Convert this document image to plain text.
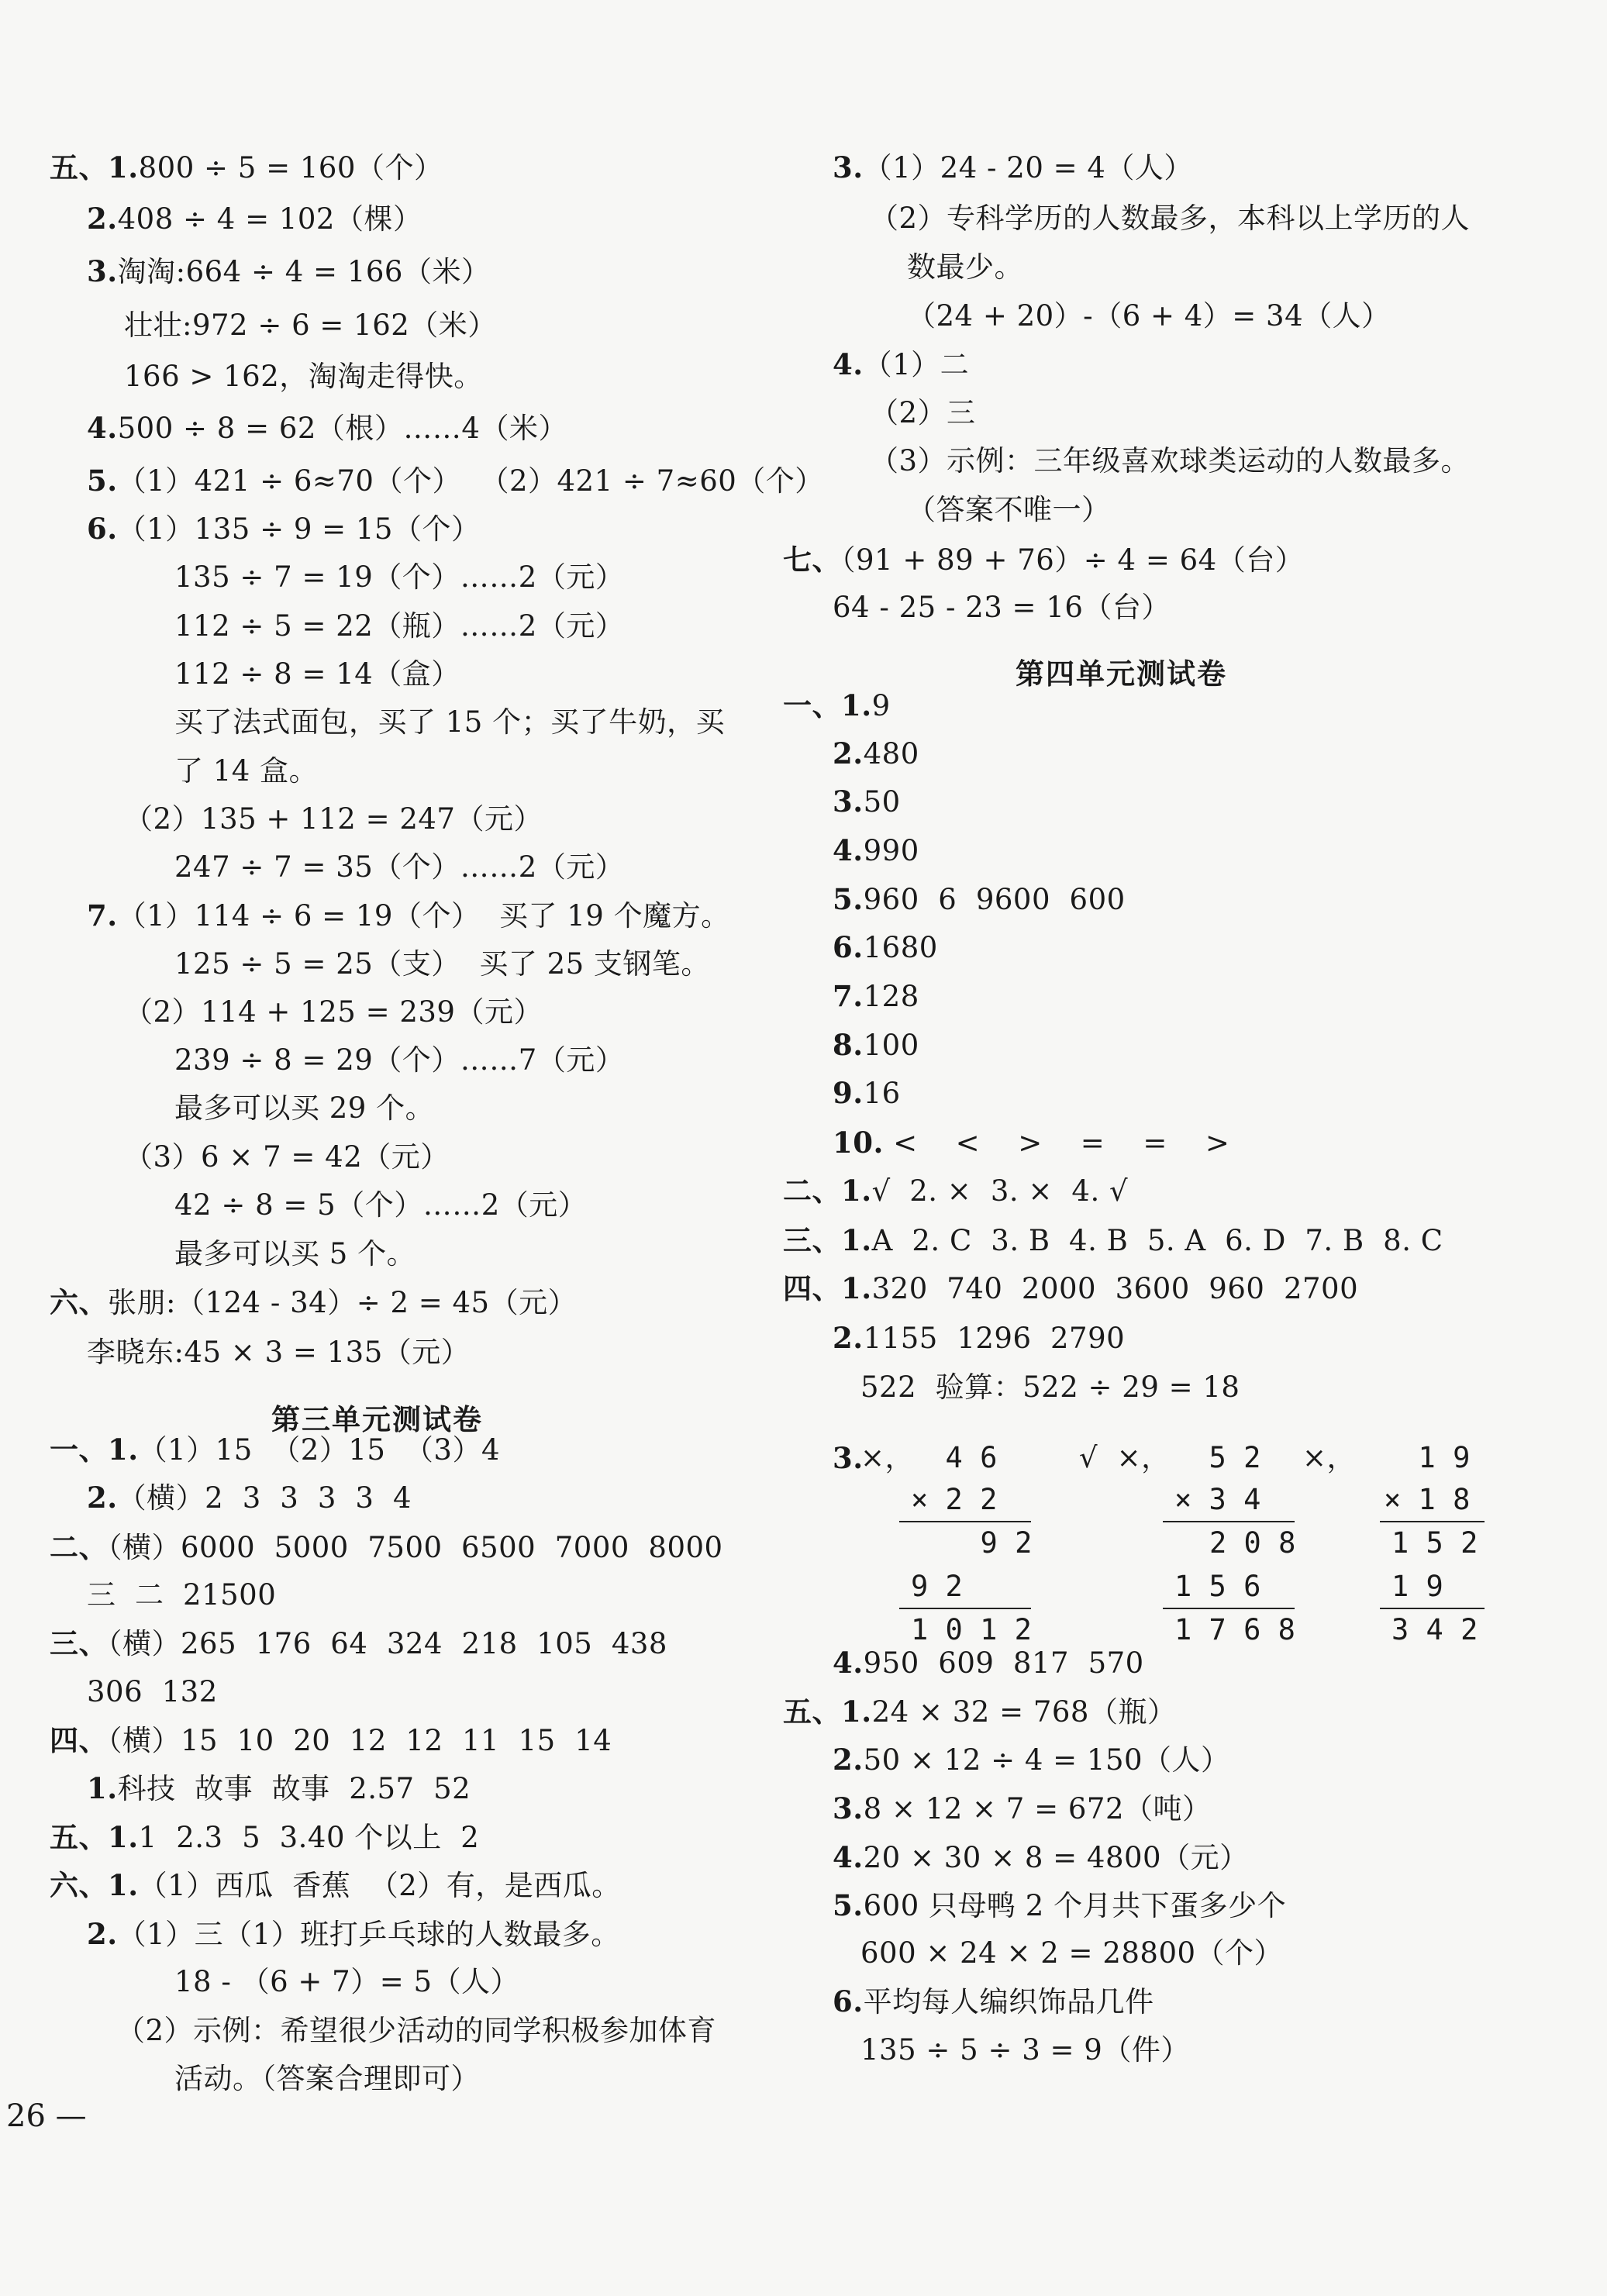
五、1.800 ÷ 5 = 160（个）
2.408 ÷ 4 = 102（棵）
3.淘淘:664 ÷ 4 = 166（米）
壮壮:972 ÷ 6 = 162（米）
166 > 162，淘淘走得快。
4.500 ÷ 8 = 62（根）……4（米）
5.（1）421 ÷ 6≈70（个）  （2）421 ÷ 7≈60（个）
6.（1）135 ÷ 9 = 15（个）
135 ÷ 7 = 19（个）……2（元）
112 ÷ 5 = 22（瓶）……2（元）
112 ÷ 8 = 14（盒）
买了法式面包，买了 15 个；买了牛奶，买
了 14 盒。
（2）135 + 112 = 247（元）
247 ÷ 7 = 35（个）……2（元）
7.（1）114 ÷ 6 = 19（个）  买了 19 个魔方。
125 ÷ 5 = 25（支）  买了 25 支钢笔。
（2）114 + 125 = 239（元）
239 ÷ 8 = 29（个）……7（元）
最多可以买 29 个。
（3）6 × 7 = 42（元）
42 ÷ 8 = 5（个）……2（元）
最多可以买 5 个。
六、张朋:（124 - 34）÷ 2 = 45（元）
李晓东:45 × 3 = 135（元）
一、1.（1）15  （2）15  （3）4
2.（横）2  3  3  3  3  4
二、（横）6000  5000  7500  6500  7000  8000
三  二  21500
三、（横）265  176  64  324  218  105  438
306  132
四、（横）15  10  20  12  12  11  15  14
1.科技  故事  故事  2.57  52
五、1.1  2.3  5  3.40 个以上  2
六、1.（1）西瓜  香蕉  （2）有，是西瓜。
2.（1）三（1）班打乒乓球的人数最多。
18 - （6 + 7）= 5（人）
（2）示例：希望很少活动的同学积极参加体育
活动。（答案合理即可）
第三单元测试卷
3.（1）24 - 20 = 4（人）
（2）专科学历的人数最多，本科以上学历的人
数最少。
（24 + 20）-（6 + 4）= 34（人）
4.（1）二
（2）三
（3）示例：三年级喜欢球类运动的人数最多。
（答案不唯一）
七、（91 + 89 + 76）÷ 4 = 64（台）
64 - 25 - 23 = 16（台）
一、1.9
2.480
3.50
4.990
5.960  6  9600  600
6.1680
7.128
8.100
9.16
10. <    <    >    =    =    >
二、1.√  2. ×  3. ×  4. √
三、1.A  2. C  3. B  4. B  5. A  6. D  7. B  8. C
四、1.320  740  2000  3600  960  2700
2.1155  1296  2790
522  验算：522 ÷ 29 = 18
4.950  609  817  570
五、1.24 × 32 = 768（瓶）
2.50 × 12 ÷ 4 = 150（人）
3.8 × 12 × 7 = 672（吨）
4.20 × 30 × 8 = 4800（元）
5.600 只母鸭 2 个月共下蛋多少个
600 × 24 × 2 = 28800（个）
6.平均每人编织饰品几件
135 ÷ 5 ÷ 3 = 9（件）
第四单元测试卷
3.
×，	√  ×，	×，
4 6
× 2 2
9 2
9 2
1 0 1 2
5 2
× 3 4
2 0 8
1 5 6
1 7 6 8
1 9
× 1 8
1 5 2
1 9
3 4 2
26 —
